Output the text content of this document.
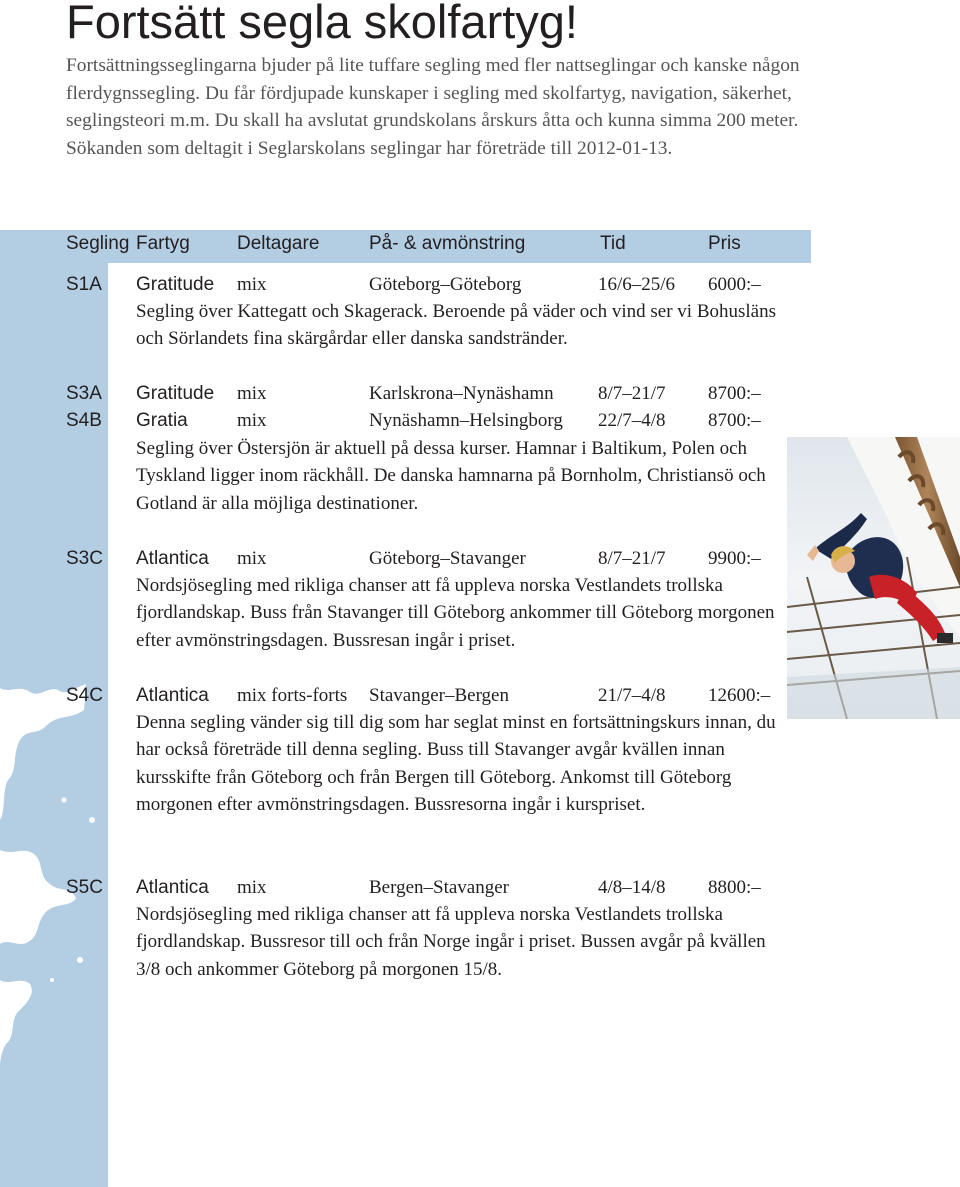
Fortsätt segla skolfartyg!

Fortsättningsseglingarna bjuder på lite tuffare segling med fler nattseglingar och kanske någon flerdygnssegling. Du får fördjupade kunskaper i segling med skolfartyg, navigation, säkerhet, seglingsteori m.m. Du skall ha avslutat grundskolans årskurs åtta och kunna simma 200 meter. Sökanden som deltagit i Seglarskolans seglingar har företräde till 2012-01-13.

Segling Fartyg Deltagare	På- & avmönstring	Tid	Pris
S1A Gratitude mix	Göteborg–Göteborg	16/6–25/6 6000:–

Segling över Kattegatt och Skagerack. Beroende på väder och vind ser vi Bohusläns och Sörlandets fina skärgårdar eller danska sandstränder.

S3A Gratitude mix	Karlskrona–Nynäshamn 8/7–21/7 8700:–
S4B Gratia	mix	Nynäshamn–Helsingborg 22/7–4/8 8700:–

Segling över Östersjön är aktuell på dessa kurser. Hamnar i Baltikum, Polen och Tyskland ligger inom räckhåll. De danska hamnarna på Bornholm, Christiansö och Gotland är alla möjliga destinationer.

S3C Atlantica mix	Göteborg–Stavanger	8/7–21/7 9900:–

Nordsjösegling med rikliga chanser att få uppleva norska Vestlandets trollska fjordlandskap. Buss från Stavanger till Göteborg ankommer till Göteborg morgonen efter avmönstringsdagen. Bussresan ingår i priset.

S4C Atlantica mix forts-forts Stavanger–Bergen	21/7–4/8 12600:–

Denna segling vänder sig till dig som har seglat minst en fortsättningskurs innan, du har också företräde till denna segling. Buss till Stavanger avgår kvällen innan kursskifte från Göteborg och från Bergen till Göteborg. Ankomst till Göteborg morgonen efter avmönstringsdagen. Bussresorna ingår i kurspriset.

S5C Atlantica mix	Bergen–Stavanger	4/8–14/8 8800:–

Nordsjösegling med rikliga chanser att få uppleva norska Vestlandets trollska fjordlandskap. Bussresor till och från Norge ingår i priset. Bussen avgår på kvällen 3/8 och ankommer Göteborg på morgonen 15/8.
